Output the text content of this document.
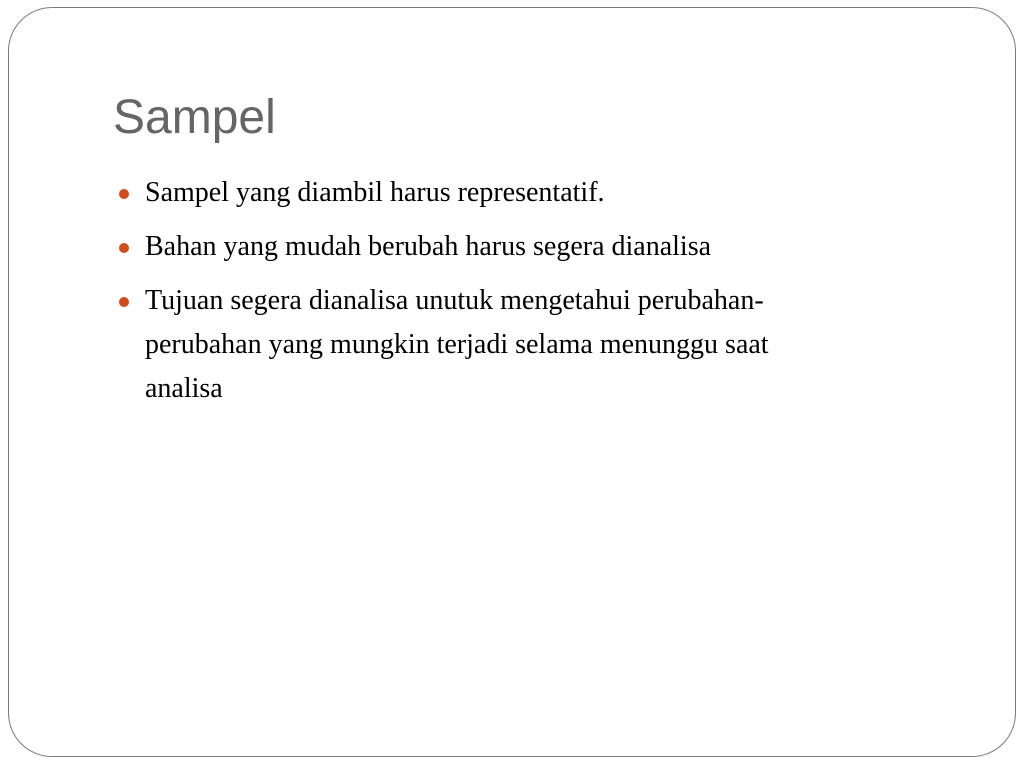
Sampel
Sampel yang diambil harus representatif.
Bahan yang mudah berubah harus segera dianalisa
Tujuan segera dianalisa unutuk mengetahui perubahan-
perubahan yang mungkin terjadi selama menunggu saat
analisa
